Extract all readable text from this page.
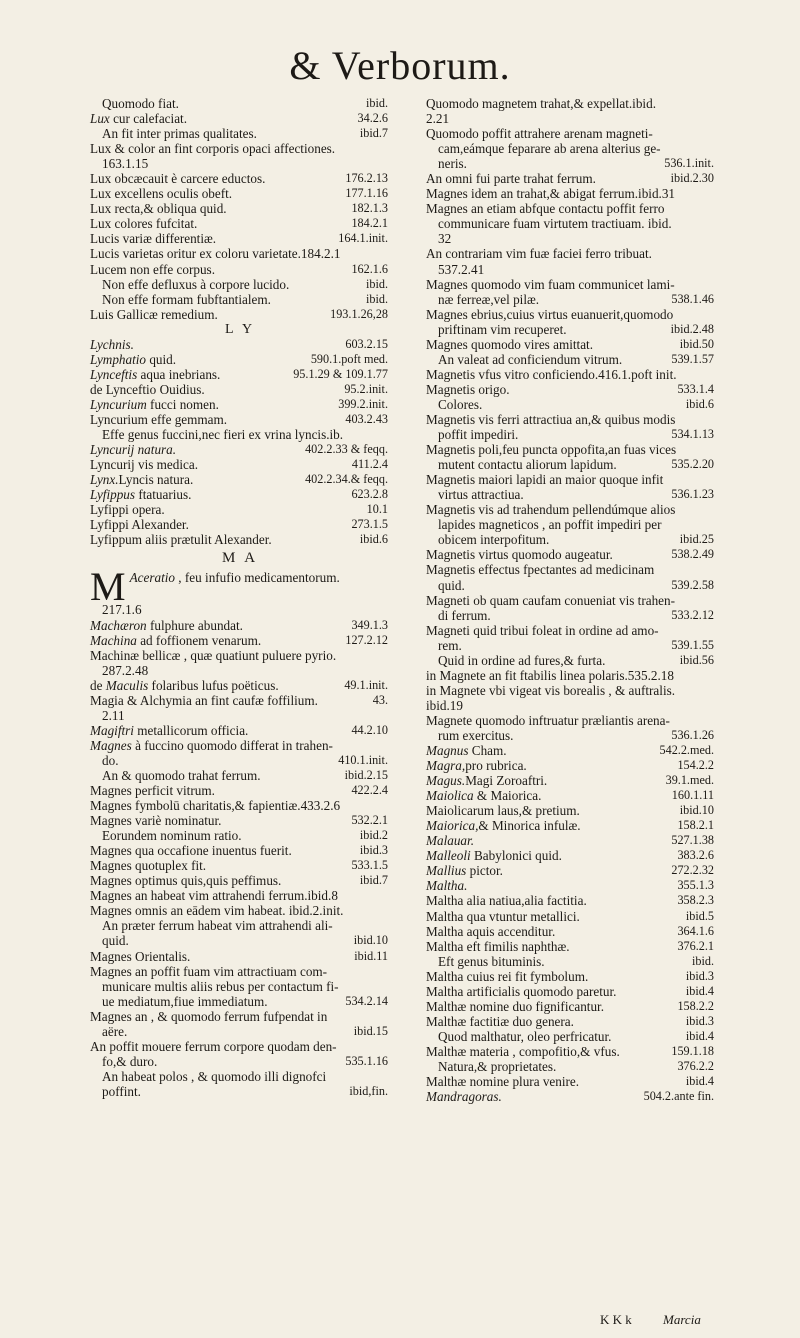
& Verborum.
ibid.
Quomodo fiat.
34.2.6
Lux cur calefaciat.
ibid.7
An fit inter primas qualitates.
Lux & color an fint corporis opaci affectiones.
163.1.15
176.2.13
Lux obcæcauit è carcere eductos.
177.1.16
Lux excellens oculis obeft.
182.1.3
Lux recta,& obliqua quid.
184.2.1
Lux colores fufcitat.
164.1.init.
Lucis variæ differentiæ.
Lucis varietas oritur ex coloru varietate.184.2.1
162.1.6
Lucem non effe corpus.
ibid.
Non effe defluxus à corpore lucido.
ibid.
Non effe formam fubftantialem.
193.1.26,28
Luis Gallicæ remedium.
L Y
603.2.15
Lychnis.
590.1.poft med.
Lymphatio quid.
95.1.29 & 109.1.77
Lynceftis aqua inebrians.
95.2.init.
de Lynceftio Ouidius.
399.2.init.
Lyncurium fucci nomen.
403.2.43
Lyncurium effe gemmam.
Effe genus fuccini,nec fieri ex vrina lyncis.ib.
402.2.33 & feqq.
Lyncurij natura.
411.2.4
Lyncurij vis medica.
402.2.34.& feqq.
Lynx.Lyncis natura.
623.2.8
Lyfippus ftatuarius.
10.1
Lyfippi opera.
273.1.5
Lyfippi Alexander.
ibid.6
Lyfippum aliis prætulit Alexander.
M A
M Aceratio , feu infufio medicamentorum.
217.1.6
349.1.3
Machæron fulphure abundat.
127.2.12
Machina ad foffionem venarum.
Machinæ bellicæ , quæ quatiunt puluere pyrio.
287.2.48
49.1.init.
de Maculis folaribus lufus poëticus.
43.
Magia & Alchymia an fint caufæ foffilium.
2.11
44.2.10
Magiftri metallicorum officia.
Magnes à fuccino quomodo differat in trahen-
410.1.init.
do.
ibid.2.15
An & quomodo trahat ferrum.
422.2.4
Magnes perficit vitrum.
Magnes fymbolū charitatis,& fapientiæ.433.2.6
532.2.1
Magnes variè nominatur.
ibid.2
Eorundem nominum ratio.
ibid.3
Magnes qua occafione inuentus fuerit.
533.1.5
Magnes quotuplex fit.
ibid.7
Magnes optimus quis,quis peffimus.
Magnes an habeat vim attrahendi ferrum.ibid.8
Magnes omnis an eādem vim habeat. ibid.2.init.
An præter ferrum habeat vim attrahendi ali-
ibid.10
quid.
ibid.11
Magnes Orientalis.
Magnes an poffit fuam vim attractiuam com-
municare multis aliis rebus per contactum fi-
534.2.14
ue mediatum,fiue immediatum.
Magnes an , & quomodo ferrum fufpendat in
ibid.15
aëre.
An poffit mouere ferrum corpore quodam den-
535.1.16
fo,& duro.
An habeat polos , & quomodo illi dignofci
ibid,fin.
poffint.
Quomodo magnetem trahat,& expellat.ibid.
2.21
Quomodo poffit attrahere arenam magneti-
cam,eámque feparare ab arena alterius ge-
536.1.init.
neris.
ibid.2.30
An omni fui parte trahat ferrum.
Magnes idem an trahat,& abigat ferrum.ibid.31
Magnes an etiam abfque contactu poffit ferro
communicare fuam virtutem tractiuam. ibid.
32
An contrariam vim fuæ faciei ferro tribuat.
537.2.41
Magnes quomodo vim fuam communicet lami-
538.1.46
næ ferreæ,vel pilæ.
Magnes ebrius,cuius virtus euanuerit,quomodo
ibid.2.48
priftinam vim recuperet.
ibid.50
Magnes quomodo vires amittat.
539.1.57
An valeat ad conficiendum vitrum.
Magnetis vfus vitro conficiendo.416.1.poft init.
533.1.4
Magnetis origo.
ibid.6
Colores.
Magnetis vis ferri attractiua an,& quibus modis
534.1.13
poffit impediri.
Magnetis poli,feu puncta oppofita,an fuas vices
535.2.20
mutent contactu aliorum lapidum.
Magnetis maiori lapidi an maior quoque infit
536.1.23
virtus attractiua.
Magnetis vis ad trahendum pellendúmque alios
lapides magneticos , an poffit impediri per
ibid.25
obicem interpofitum.
538.2.49
Magnetis virtus quomodo augeatur.
Magnetis effectus fpectantes ad medicinam
539.2.58
quid.
Magneti ob quam caufam conueniat vis trahen-
533.2.12
di ferrum.
Magneti quid tribui foleat in ordine ad amo-
539.1.55
rem.
ibid.56
Quid in ordine ad fures,& furta.
in Magnete an fit ftabilis linea polaris.535.2.18
in Magnete vbi vigeat vis borealis , & auftralis.
ibid.19
Magnete quomodo inftruatur præliantis arena-
536.1.26
rum exercitus.
542.2.med.
Magnus Cham.
154.2.2
Magra,pro rubrica.
39.1.med.
Magus.Magi Zoroaftri.
160.1.11
Maiolica & Maiorica.
ibid.10
Maiolicarum laus,& pretium.
158.2.1
Maiorica,& Minorica infulæ.
527.1.38
Malauar.
383.2.6
Malleoli Babylonici quid.
272.2.32
Mallius pictor.
355.1.3
Maltha.
358.2.3
Maltha alia natiua,alia factitia.
ibid.5
Maltha qua vtuntur metallici.
364.1.6
Maltha aquis accenditur.
376.2.1
Maltha eft fimilis naphthæ.
ibid.
Eft genus bituminis.
ibid.3
Maltha cuius rei fit fymbolum.
ibid.4
Maltha artificialis quomodo paretur.
158.2.2
Malthæ nomine duo fignificantur.
ibid.3
Malthæ factitiæ duo genera.
ibid.4
Quod malthatur, oleo perfricatur.
159.1.18
Malthæ materia , compofitio,& vfus.
376.2.2
Natura,& proprietates.
ibid.4
Malthæ nomine plura venire.
504.2.ante fin.
Mandragoras.
K K k Marcia
